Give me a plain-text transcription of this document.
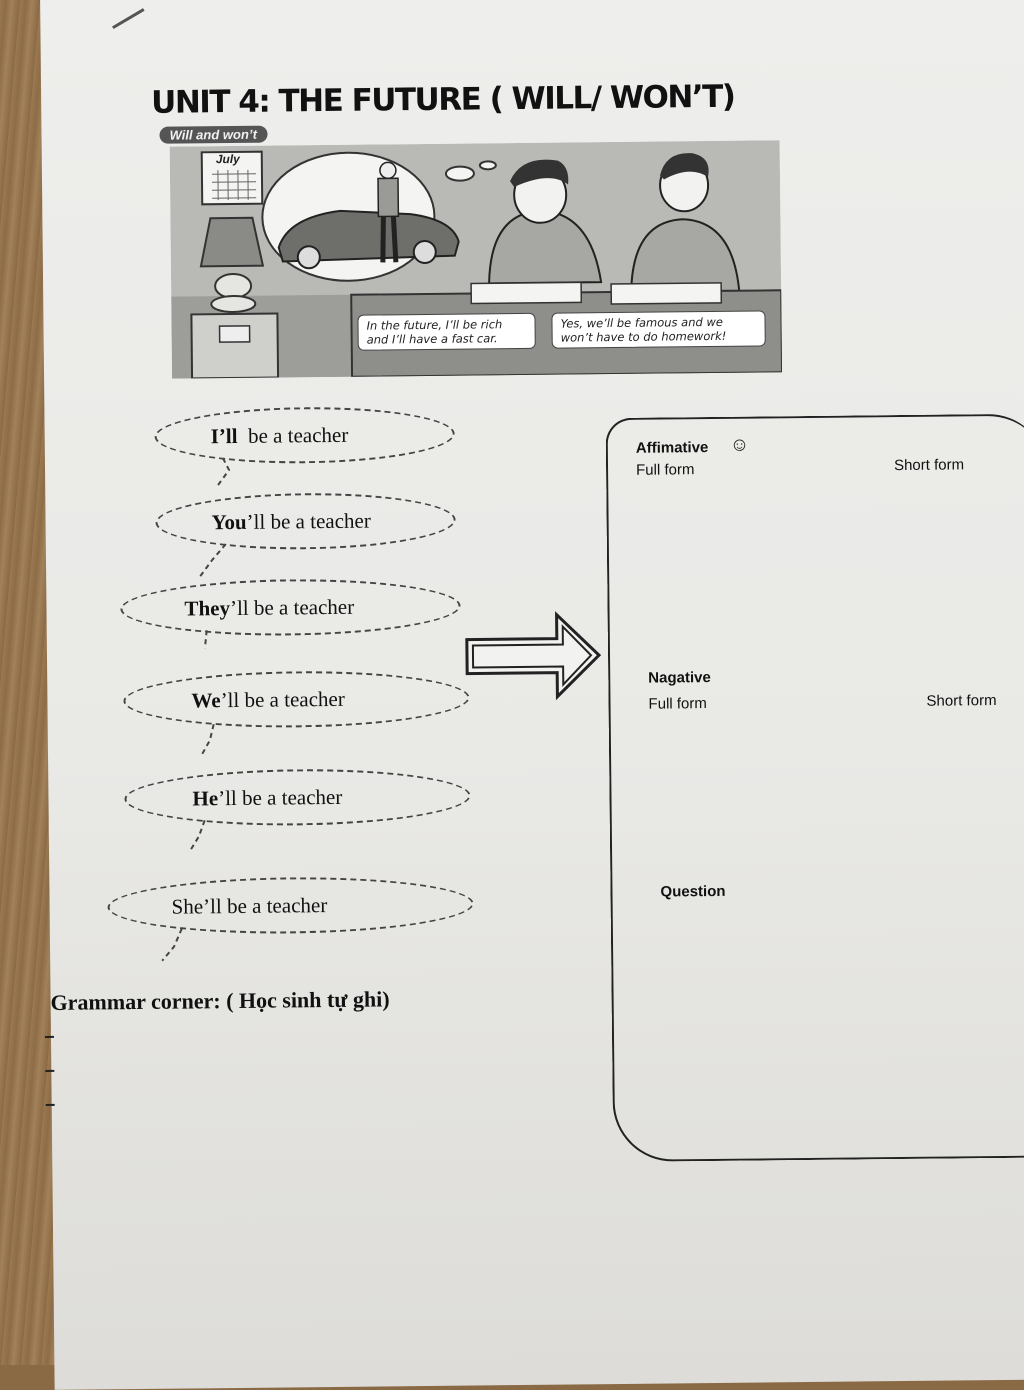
UNIT 4: THE FUTURE ( WILL/ WON’T)
Will and won’t
July
In the future, I’ll be rich and I’ll have a fast car.
Yes, we’ll be famous and we won’t have to do homework!
I’ll
be a teacher
You ’ll be a teacher
They ’ll be a teacher
We ’ll be a teacher
He ’ll be a teacher
She’ll be a teacher
Affimative ☺
Full form	Short form
Nagative
Full form	Short form
Question
Grammar corner: ( Học sinh tự ghi)
